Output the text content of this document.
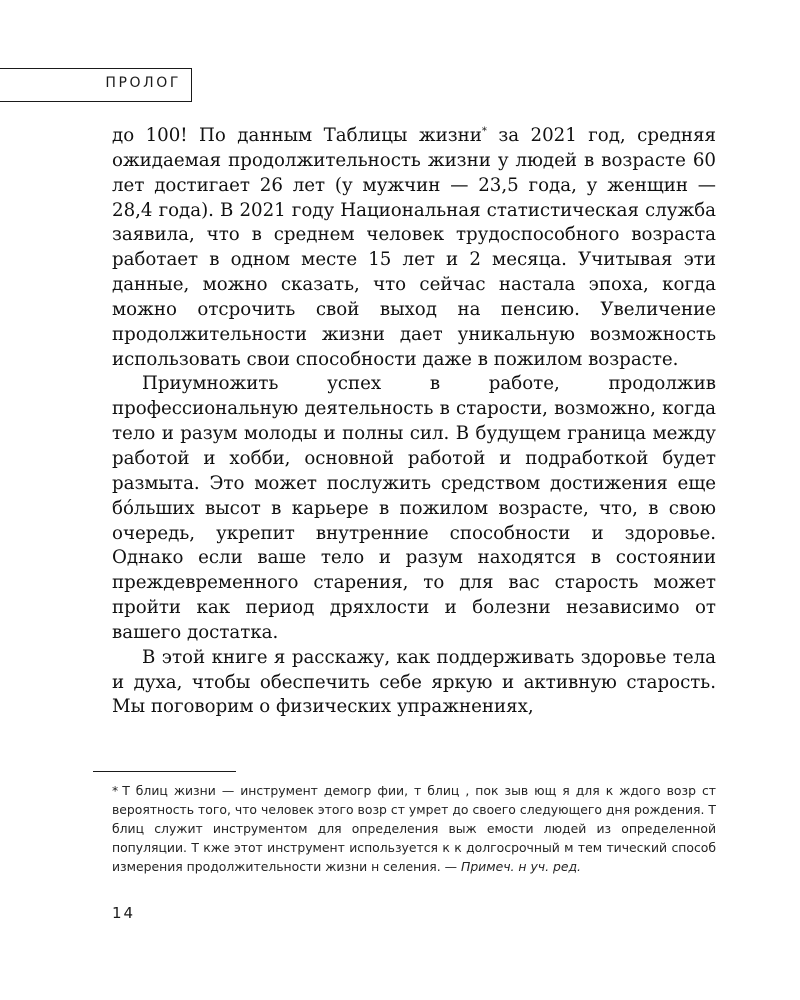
ПРОЛОГ

до 100! По данным Таблицы жизни* за 2021 год, средняя ожидаемая продолжительность жизни у людей в возрасте 60 лет достигает 26 лет (у мужчин — 23,5 года, у женщин — 28,4 года). В 2021 году Национальная статистическая служба заявила, что в среднем человек трудоспособного возраста работает в одном месте 15 лет и 2 месяца. Учитывая эти данные, можно сказать, что сейчас настала эпоха, когда можно отсрочить свой выход на пенсию. Увеличение продолжительности жизни дает уникальную возможность использовать свои способности даже в пожилом возрасте.

Приумножить успех в работе, продолжив профессиональную деятельность в старости, возможно, когда тело и разум молоды и полны сил. В будущем граница между работой и хобби, основной работой и подработкой будет размыта. Это может послужить средством достижения еще бóльших высот в карьере в пожилом возрасте, что, в свою очередь, укрепит внутренние способности и здоровье. Однако если ваше тело и разум находятся в состоянии преждевременного старения, то для вас старость может пройти как период дряхлости и болезни независимо от вашего достатка.

В этой книге я расскажу, как поддерживать здоровье тела и духа, чтобы обеспечить себе яркую и активную старость. Мы поговорим о физических упражнениях,

* Т блиц жизни — инструмент демогр фии, т блиц , пок зыв ющ я для к ждого возр ст вероятность того, что человек этого возр ст умрет до своего следующего дня рождения. Т блиц служит инструментом для определения выж емости людей из определенной популяции. Т кже этот инструмент используется к к долгосрочный м тем тический способ измерения продолжительности жизни н селения. — Примеч. н уч. ред.
14
